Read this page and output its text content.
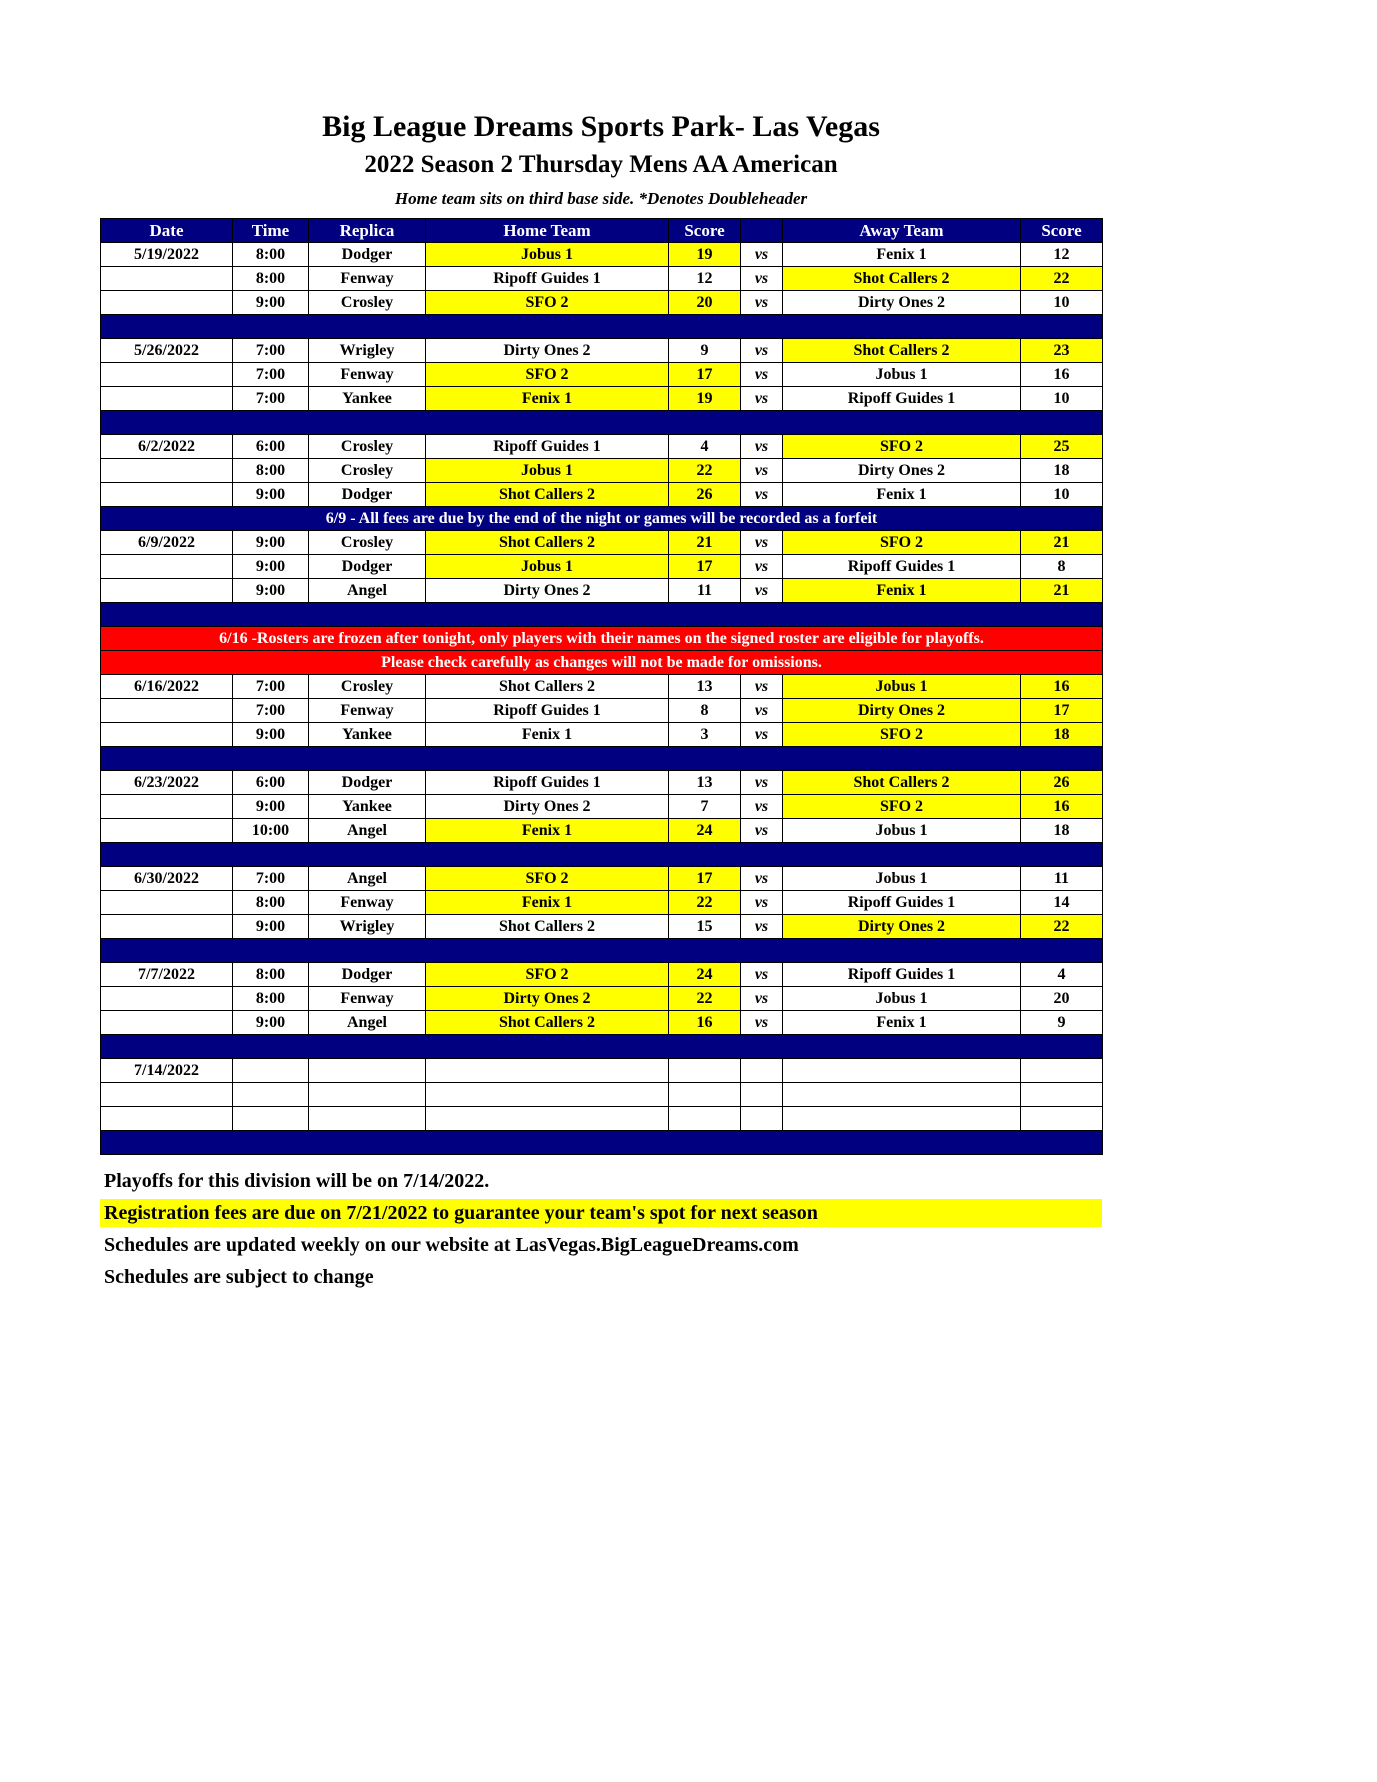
Big League Dreams Sports Park- Las Vegas
2022 Season 2 Thursday Mens AA American
Home team sits on third base side. *Denotes Doubleheader
Date	Time	Replica	Home Team	Score		Away Team	Score
5/19/2022	8:00	Dodger	Jobus 1	19	vs	Fenix 1	12
	8:00	Fenway	Ripoff Guides 1	12	vs	Shot Callers 2	22
	9:00	Crosley	SFO 2	20	vs	Dirty Ones 2	10

5/26/2022	7:00	Wrigley	Dirty Ones 2	9	vs	Shot Callers 2	23
	7:00	Fenway	SFO 2	17	vs	Jobus 1	16
	7:00	Yankee	Fenix 1	19	vs	Ripoff Guides 1	10

6/2/2022	6:00	Crosley	Ripoff Guides 1	4	vs	SFO 2	25
	8:00	Crosley	Jobus 1	22	vs	Dirty Ones 2	18
	9:00	Dodger	Shot Callers 2	26	vs	Fenix 1	10
6/9 - All fees are due by the end of the night or games will be recorded as a forfeit							
6/9/2022	9:00	Crosley	Shot Callers 2	21	vs	SFO 2	21
	9:00	Dodger	Jobus 1	17	vs	Ripoff Guides 1	8
	9:00	Angel	Dirty Ones 2	11	vs	Fenix 1	21

6/16 -Rosters are frozen after tonight, only players with their names on the signed roster are eligible for playoffs.							
Please check carefully as changes will not be made for omissions.							
6/16/2022	7:00	Crosley	Shot Callers 2	13	vs	Jobus 1	16
	7:00	Fenway	Ripoff Guides 1	8	vs	Dirty Ones 2	17
	9:00	Yankee	Fenix 1	3	vs	SFO 2	18

6/23/2022	6:00	Dodger	Ripoff Guides 1	13	vs	Shot Callers 2	26
	9:00	Yankee	Dirty Ones 2	7	vs	SFO 2	16
	10:00	Angel	Fenix 1	24	vs	Jobus 1	18

6/30/2022	7:00	Angel	SFO 2	17	vs	Jobus 1	11
	8:00	Fenway	Fenix 1	22	vs	Ripoff Guides 1	14
	9:00	Wrigley	Shot Callers 2	15	vs	Dirty Ones 2	22

7/7/2022	8:00	Dodger	SFO 2	24	vs	Ripoff Guides 1	4
	8:00	Fenway	Dirty Ones 2	22	vs	Jobus 1	20
	9:00	Angel	Shot Callers 2	16	vs	Fenix 1	9

7/14/2022							

Playoffs for this division will be on 7/14/2022.
Registration fees are due on 7/21/2022 to guarantee your team's spot for next season
Schedules are updated weekly on our website at LasVegas.BigLeagueDreams.com
Schedules are subject to change
